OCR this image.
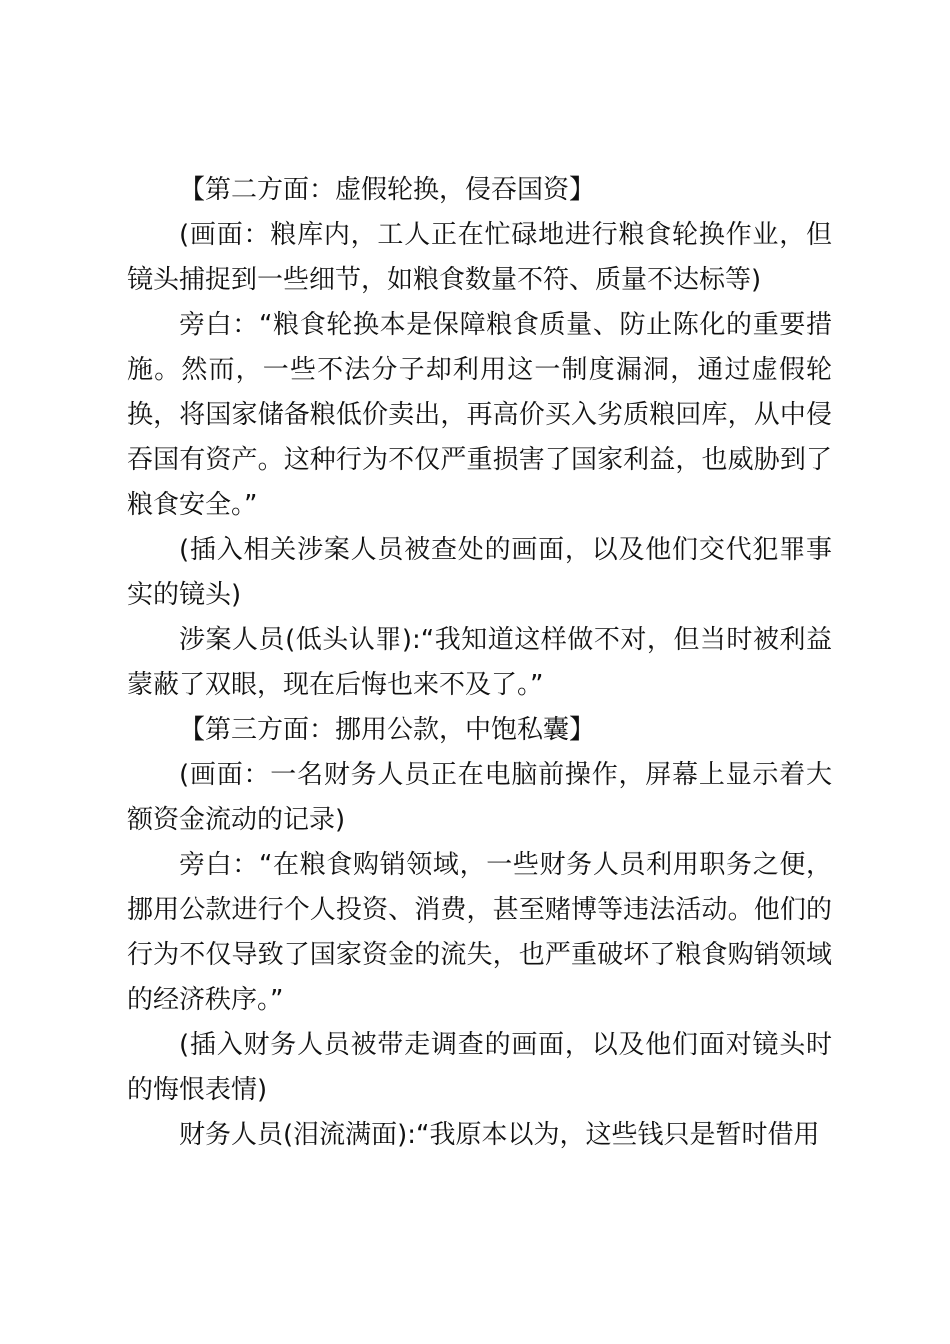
【第二方面：虚假轮换，侵吞国资】

(画面：粮库内，工人正在忙碌地进行粮食轮换作业，但镜头捕捉到一些细节，如粮食数量不符、质量不达标等)

旁白：“粮食轮换本是保障粮食质量、防止陈化的重要措施。然而，一些不法分子却利用这一制度漏洞，通过虚假轮换，将国家储备粮低价卖出，再高价买入劣质粮回库，从中侵吞国有资产。这种行为不仅严重损害了国家利益，也威胁到了粮食安全。”

(插入相关涉案人员被查处的画面，以及他们交代犯罪事实的镜头)

涉案人员(低头认罪):“我知道这样做不对，但当时被利益蒙蔽了双眼，现在后悔也来不及了。”

【第三方面：挪用公款，中饱私囊】

(画面：一名财务人员正在电脑前操作，屏幕上显示着大额资金流动的记录)

旁白：“在粮食购销领域，一些财务人员利用职务之便，挪用公款进行个人投资、消费，甚至赌博等违法活动。他们的行为不仅导致了国家资金的流失，也严重破坏了粮食购销领域的经济秩序。”

(插入财务人员被带走调查的画面，以及他们面对镜头时的悔恨表情)

财务人员(泪流满面):“我原本以为，这些钱只是暂时借用
